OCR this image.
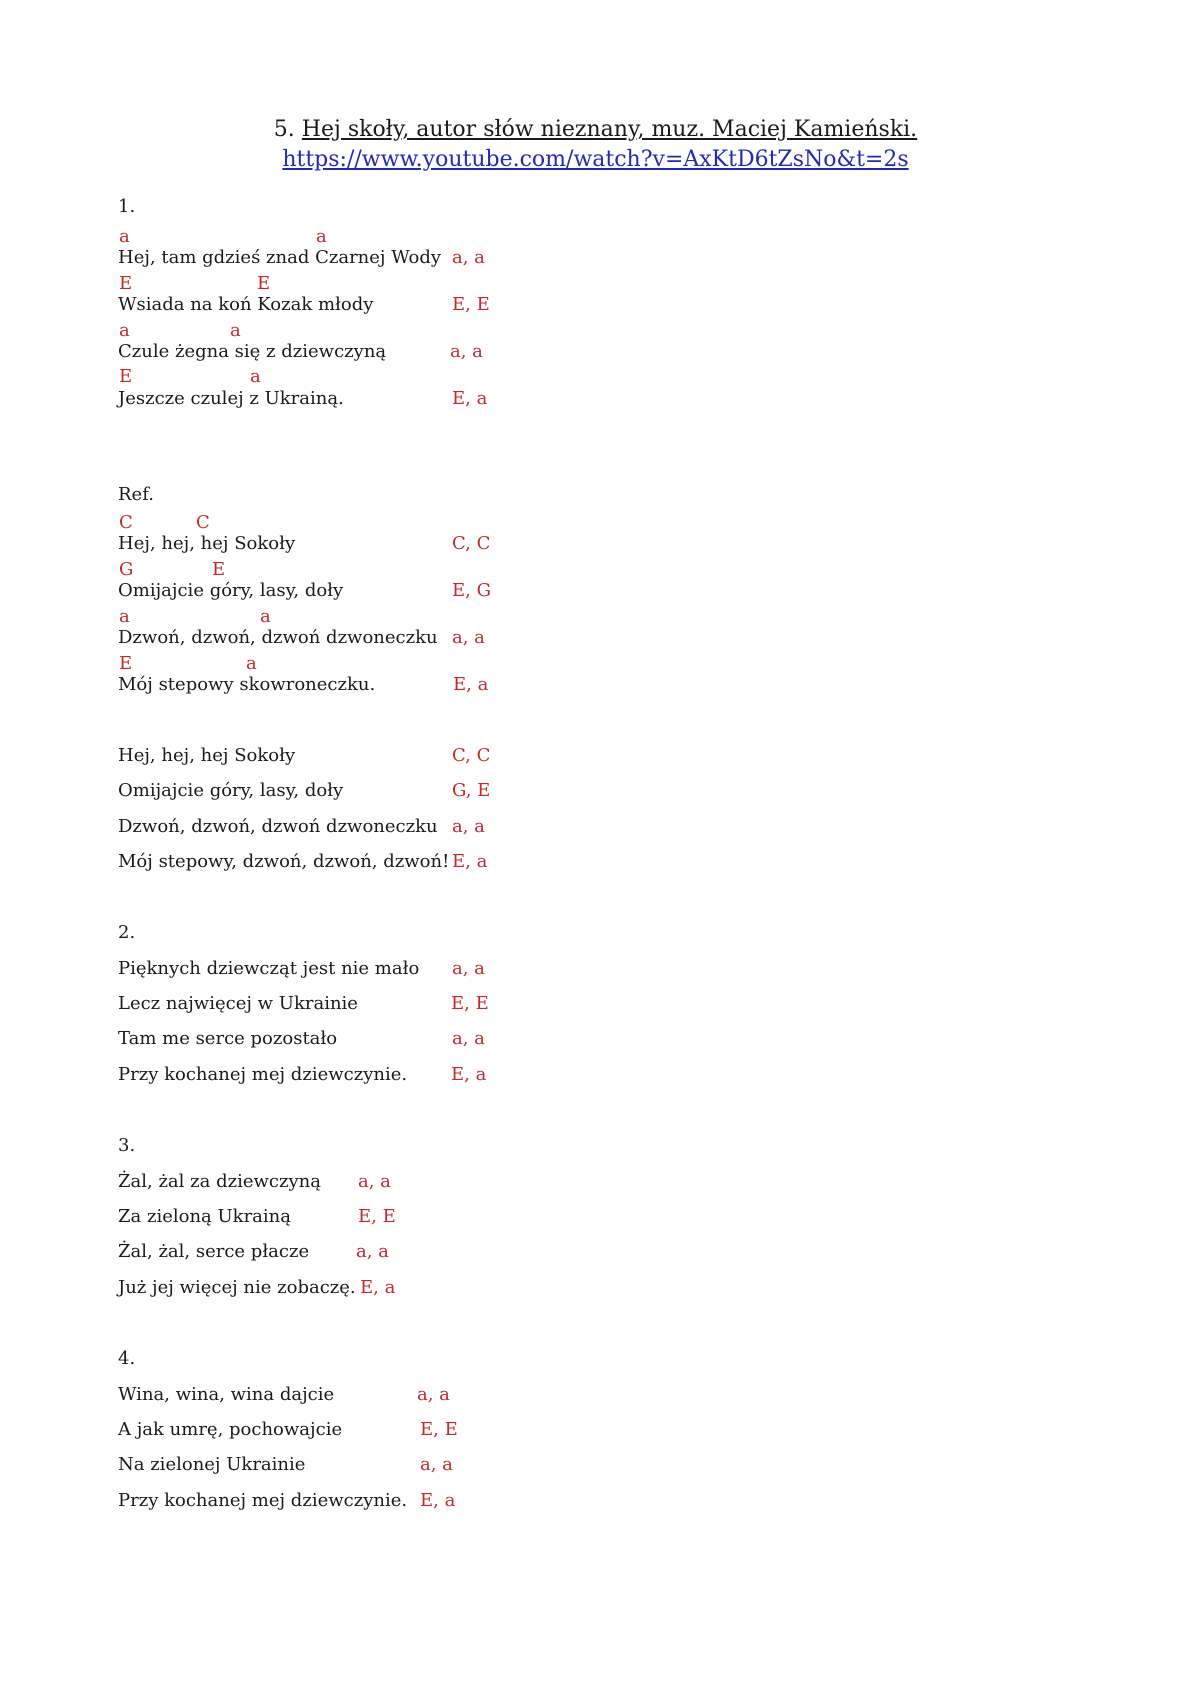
5. Hej skoły, autor słów nieznany, muz. Maciej Kamieński.
https://www.youtube.com/watch?v=AxKtD6tZsNo&t=2s
1.
a	a
Hej, tam gdzieś znad Czarnej Wody a, a
E	E
Wsiada na koń Kozak młody	E, E
a	a
Czule żegna się z dziewczyną	a, a
E	a
Jeszcze czulej z Ukrainą.	E, a
Ref.
C	C
Hej, hej, hej Sokoły	C, C
G	E
Omijajcie góry, lasy, doły	E, G
a	a
Dzwoń, dzwoń, dzwoń dzwoneczku a, a
E	a
Mój stepowy skowroneczku.	E, a
Hej, hej, hej Sokoły	C, C
Omijajcie góry, lasy, doły	G, E
Dzwoń, dzwoń, dzwoń dzwoneczku a, a
Mój stepowy, dzwoń, dzwoń, dzwoń! E, a
2.
Pięknych dziewcząt jest nie mało a, a
Lecz najwięcej w Ukrainie	E, E
Tam me serce pozostało	a, a
Przy kochanej mej dziewczynie. E, a
3.
Żal, żal za dziewczyną a, a
Za zieloną Ukrainą	E, E
Żal, żal, serce płacze	a, a
Już jej więcej nie zobaczę. E, a
4.
Wina, wina, wina dajcie	a, a
A jak umrę, pochowajcie	E, E
Na zielonej Ukrainie	a, a
Przy kochanej mej dziewczynie. E, a
